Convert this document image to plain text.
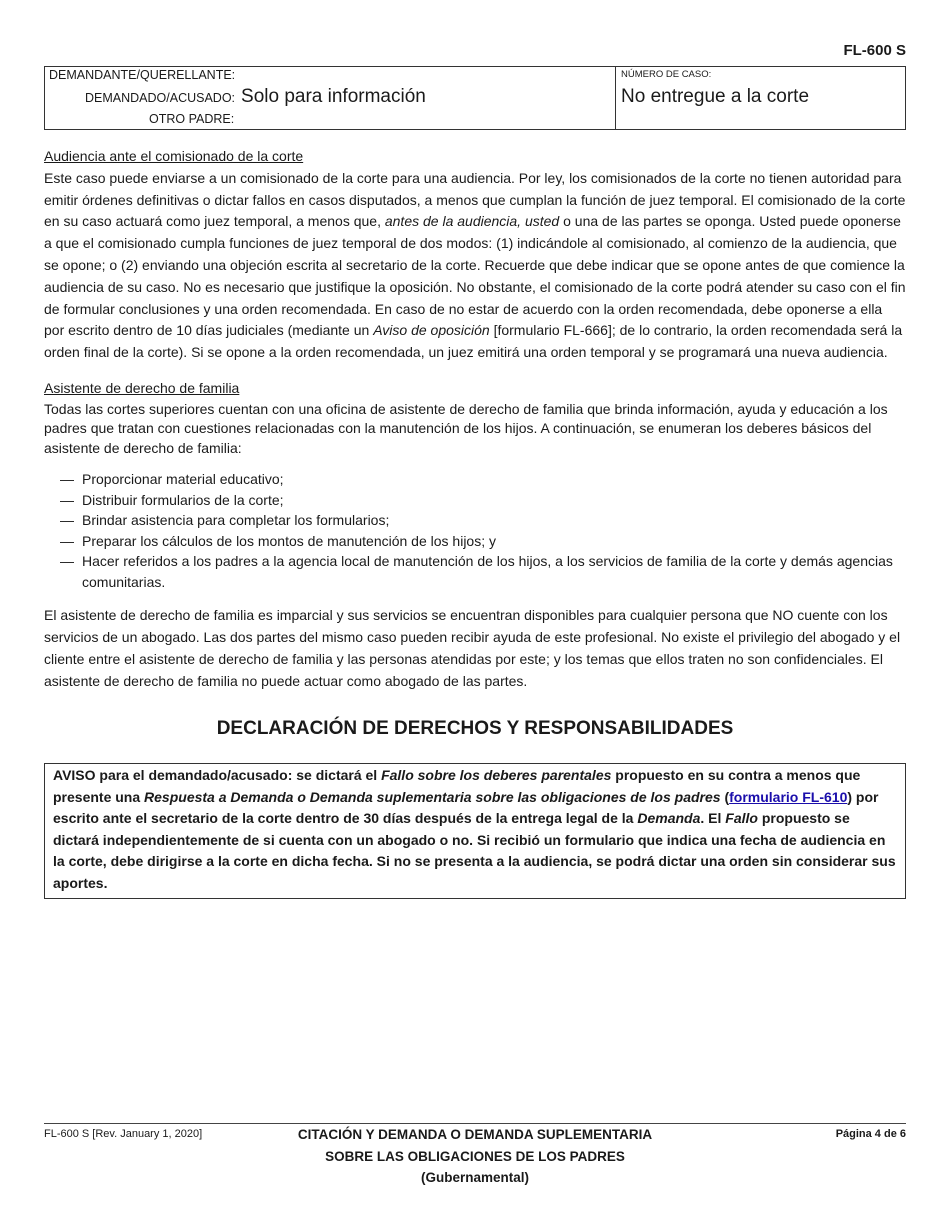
FL-600 S
DEMANDANTE/QUERELLANTE:
DEMANDADO/ACUSADO: Solo para información
OTRO PADRE:
NÚMERO DE CASO:
No entregue a la corte

Audiencia ante el comisionado de la corte

Este caso puede enviarse a un comisionado de la corte para una audiencia. Por ley, los comisionados de la corte no tienen autoridad para emitir órdenes definitivas o dictar fallos en casos disputados, a menos que cumplan la función de juez temporal. El comisionado de la corte en su caso actuará como juez temporal, a menos que, antes de la audiencia, usted o una de las partes se oponga. Usted puede oponerse a que el comisionado cumpla funciones de juez temporal de dos modos: (1) indicándole al comisionado, al comienzo de la audiencia, que se opone; o (2) enviando una objeción escrita al secretario de la corte. Recuerde que debe indicar que se opone antes de que comience la audiencia de su caso. No es necesario que justifique la oposición. No obstante, el comisionado de la corte podrá atender su caso con el fin de formular conclusiones y una orden recomendada. En caso de no estar de acuerdo con la orden recomendada, debe oponerse a ella por escrito dentro de 10 días judiciales (mediante un Aviso de oposición [formulario FL-666]; de lo contrario, la orden recomendada será la orden final de la corte). Si se opone a la orden recomendada, un juez emitirá una orden temporal y se programará una nueva audiencia.

Asistente de derecho de familia

Todas las cortes superiores cuentan con una oficina de asistente de derecho de familia que brinda información, ayuda y educación a los padres que tratan con cuestiones relacionadas con la manutención de los hijos. A continuación, se enumeran los deberes básicos del asistente de derecho de familia:

— Proporcionar material educativo;
— Distribuir formularios de la corte;
— Brindar asistencia para completar los formularios;
— Preparar los cálculos de los montos de manutención de los hijos; y
— Hacer referidos a los padres a la agencia local de manutención de los hijos, a los servicios de familia de la corte y demás agencias comunitarias.

El asistente de derecho de familia es imparcial y sus servicios se encuentran disponibles para cualquier persona que NO cuente con los servicios de un abogado. Las dos partes del mismo caso pueden recibir ayuda de este profesional. No existe el privilegio del abogado y el cliente entre el asistente de derecho de familia y las personas atendidas por este; y los temas que ellos traten no son confidenciales. El asistente de derecho de familia no puede actuar como abogado de las partes.

DECLARACIÓN DE DERECHOS Y RESPONSABILIDADES
AVISO para el demandado/acusado: se dictará el Fallo sobre los deberes parentales propuesto en su contra a menos que presente una Respuesta a Demanda o Demanda suplementaria sobre las obligaciones de los padres (formulario FL-610) por escrito ante el secretario de la corte dentro de 30 días después de la entrega legal de la Demanda. El Fallo propuesto se dictará independientemente de si cuenta con un abogado o no. Si recibió un formulario que indica una fecha de audiencia en la corte, debe dirigirse a la corte en dicha fecha. Si no se presenta a la audiencia, se podrá dictar una orden sin considerar sus aportes.
FL-600 S [Rev. January 1, 2020]	CITACIÓN Y DEMANDA O DEMANDA SUPLEMENTARIA
SOBRE LAS OBLIGACIONES DE LOS PADRES
(Gubernamental)
Página 4 de 6
